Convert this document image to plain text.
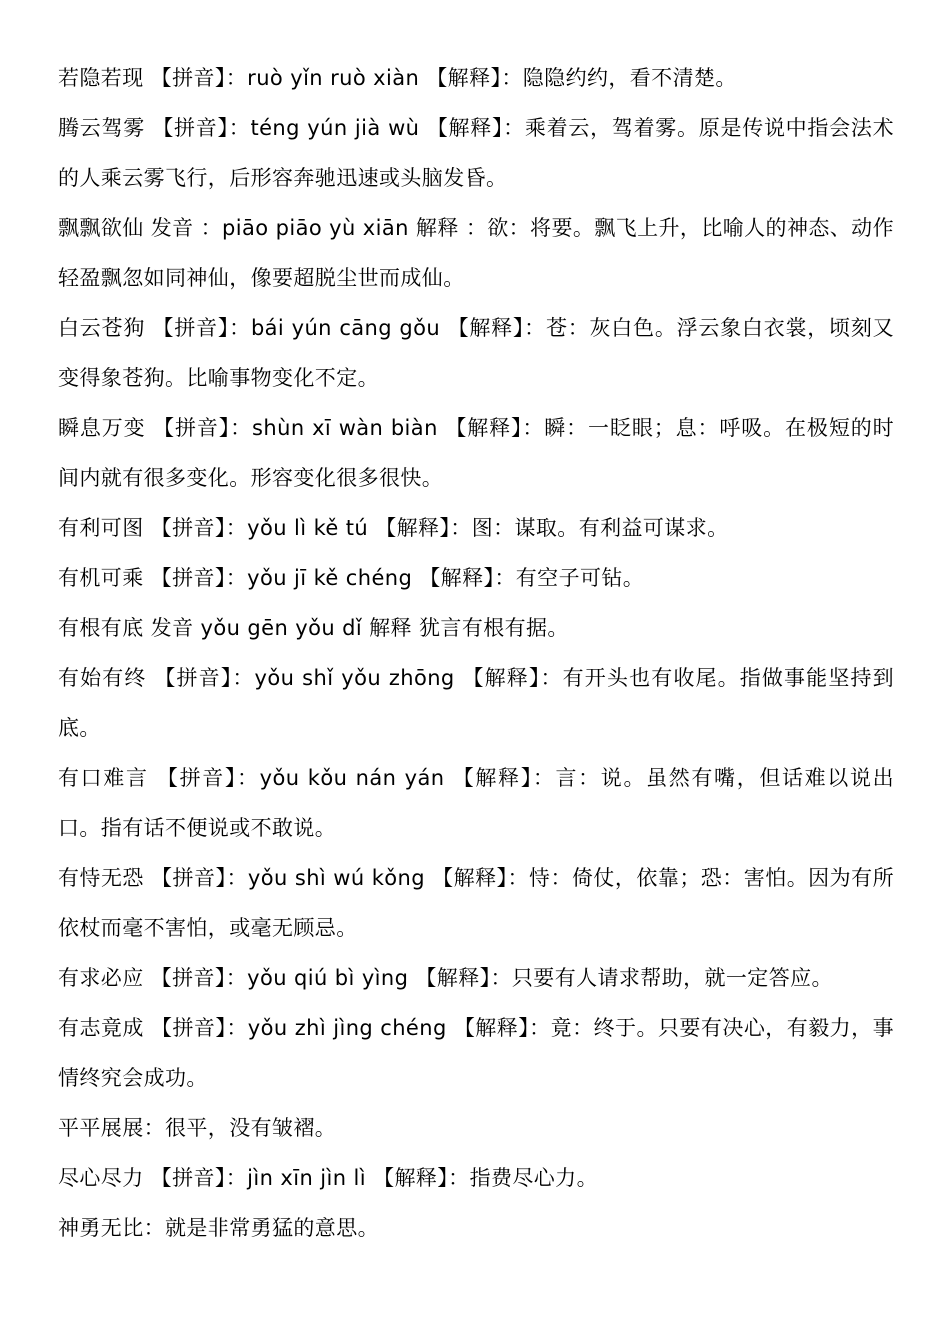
若隐若现 【拼音】：ruò yǐn ruò xiàn 【解释】：隐隐约约，看不清楚。

腾云驾雾 【拼音】：téng yún jià wù 【解释】：乘着云，驾着雾。原是传说中指会法术的人乘云雾飞行，后形容奔驰迅速或头脑发昏。

飘飘欲仙 发音 ：piāo piāo yù xiān 解释 ：欲：将要。飘飞上升，比喻人的神态、动作轻盈飘忽如同神仙，像要超脱尘世而成仙。

白云苍狗 【拼音】：bái yún cāng gǒu 【解释】：苍：灰白色。浮云象白衣裳，顷刻又变得象苍狗。比喻事物变化不定。

瞬息万变 【拼音】：shùn xī wàn biàn 【解释】：瞬：一眨眼；息：呼吸。在极短的时间内就有很多变化。形容变化很多很快。

有利可图 【拼音】：yǒu lì kě tú 【解释】：图：谋取。有利益可谋求。

有机可乘 【拼音】：yǒu jī kě chéng 【解释】：有空子可钻。

有根有底 发音 yǒu gēn yǒu dǐ 解释 犹言有根有据。

有始有终 【拼音】：yǒu shǐ yǒu zhōng 【解释】：有开头也有收尾。指做事能坚持到底。

有口难言 【拼音】：yǒu kǒu nán yán 【解释】：言：说。虽然有嘴，但话难以说出口。指有话不便说或不敢说。

有恃无恐 【拼音】：yǒu shì wú kǒng 【解释】：恃：倚仗，依靠；恐：害怕。因为有所依杖而毫不害怕，或毫无顾忌。

有求必应 【拼音】：yǒu qiú bì yìng 【解释】：只要有人请求帮助，就一定答应。

有志竟成 【拼音】：yǒu zhì jìng chéng 【解释】：竟：终于。只要有决心，有毅力，事情终究会成功。

平平展展：很平，没有皱褶。

尽心尽力 【拼音】：jìn xīn jìn lì 【解释】：指费尽心力。

神勇无比：就是非常勇猛的意思。
